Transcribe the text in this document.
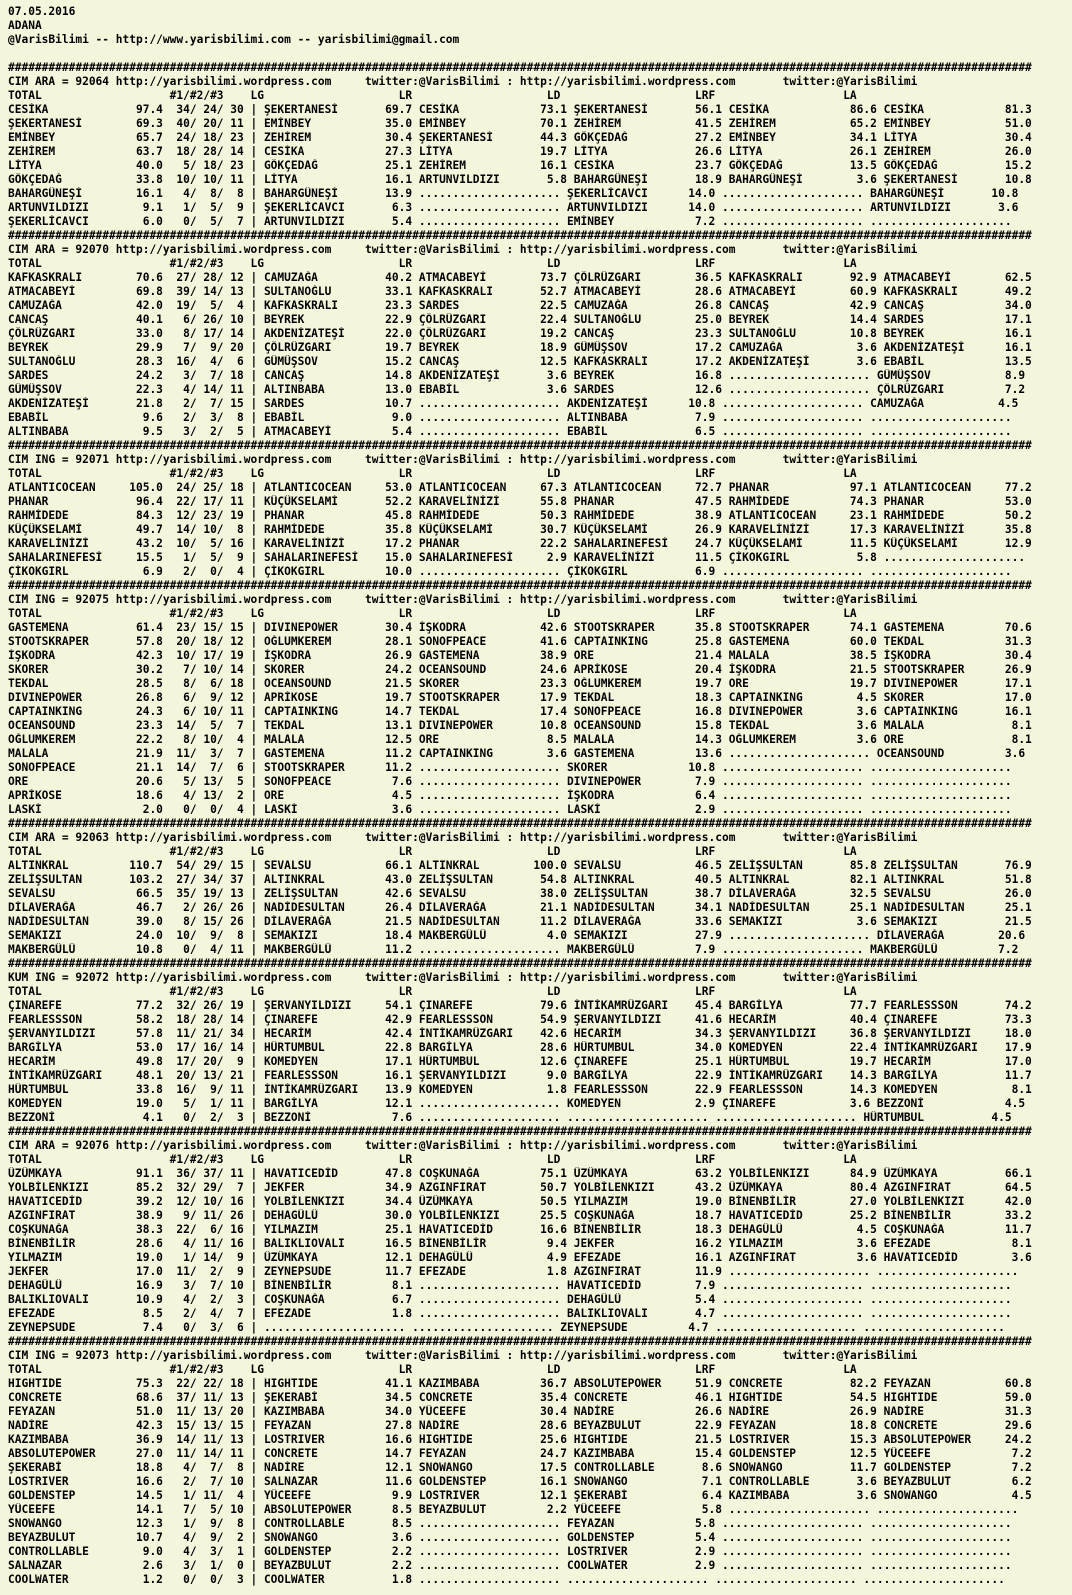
07.05.2016
ADANA
@VarisBilimi -- http://www.yarisbilimi.com -- yarisbilimi@gmail.com
########################################################################################################################################################
CIM ARA = 92064 http://yarisbilimi.wordpress.com     twitter:@VarisBilimi : http://yarisbilimi.wordpress.com       twitter:@YarisBilimi
TOTAL                   #1/#2/#3    LG                    LR                    LD                    LRF                   LA
CESİKA             97.4  34/ 24/ 30 | ŞEKERTANESİ       69.7 CESİKA            73.1 ŞEKERTANESİ       56.1 CESİKA            86.6 CESİKA            81.3
ŞEKERTANESİ        69.3  40/ 20/ 11 | EMİNBEY           35.0 EMİNBEY           70.1 ZEHİREM           41.5 ZEHİREM           65.2 EMİNBEY           51.0
EMİNBEY            65.7  24/ 18/ 23 | ZEHİREM           30.4 ŞEKERTANESİ       44.3 GÖKÇEDAĞ          27.2 EMİNBEY           34.1 LİTYA             30.4
ZEHİREM            63.7  18/ 28/ 14 | CESİKA            27.3 LİTYA             19.7 LİTYA             26.6 LİTYA             26.1 ZEHİREM           26.0
LİTYA              40.0   5/ 18/ 23 | GÖKÇEDAĞ          25.1 ZEHİREM           16.1 CESİKA            23.7 GÖKÇEDAĞ          13.5 GÖKÇEDAĞ          15.2
GÖKÇEDAĞ           33.8  10/ 10/ 11 | LİTYA             16.1 ARTUNVILDIZI       5.8 BAHARGÜNEŞİ       18.9 BAHARGÜNEŞİ        3.6 ŞEKERTANESİ       10.8
BAHARGÜNEŞİ        16.1   4/  8/  8 | BAHARGÜNEŞİ       13.9 ..................... ŞEKERLİCAVCI      14.0 ..................... BAHARGÜNEŞİ       10.8
ARTUNVILDIZI        9.1   1/  5/  9 | ŞEKERLİCAVCI       6.3 ..................... ARTUNVILDIZI      14.0 ..................... ARTUNVILDIZI       3.6
ŞEKERLİCAVCI        6.0   0/  5/  7 | ARTUNVILDIZI       5.4 ..................... EMİNBEY            7.2 ..................... .....................
########################################################################################################################################################
CIM ARA = 92070 http://yarisbilimi.wordpress.com     twitter:@VarisBilimi : http://yarisbilimi.wordpress.com       twitter:@YarisBilimi
TOTAL                   #1/#2/#3    LG                    LR                    LD                    LRF                   LA
KAFKASKRALI        70.6  27/ 28/ 12 | CAMUZAĞA          40.2 ATMACABEYİ        73.7 ÇÖLRÜZGARI        36.5 KAFKASKRALI       92.9 ATMACABEYİ        62.5
ATMACABEYİ         69.8  39/ 14/ 13 | SULTANOĞLU        33.1 KAFKASKRALI       52.7 ATMACABEYİ        28.6 ATMACABEYİ        60.9 KAFKASKRALI       49.2
CAMUZAĞA           42.0  19/  5/  4 | KAFKASKRALI       23.3 SARDES            22.5 CAMUZAĞA          26.8 CANCAŞ            42.9 CANCAŞ            34.0
CANCAŞ             40.1   6/ 26/ 10 | BEYREK            22.9 ÇÖLRÜZGARI        22.4 SULTANOĞLU        25.0 BEYREK            14.4 SARDES            17.1
ÇÖLRÜZGARI         33.0   8/ 17/ 14 | AKDENİZATEŞİ      22.0 ÇÖLRÜZGARI        19.2 CANCAŞ            23.3 SULTANOĞLU        10.8 BEYREK            16.1
BEYREK             29.9   7/  9/ 20 | ÇÖLRÜZGARI        19.7 BEYREK            18.9 GÜMÜŞSOV          17.2 CAMUZAĞA           3.6 AKDENİZATEŞİ      16.1
SULTANOĞLU         28.3  16/  4/  6 | GÜMÜŞSOV          15.2 CANCAŞ            12.5 KAFKASKRALI       17.2 AKDENİZATEŞİ       3.6 EBABİL            13.5
SARDES             24.2   3/  7/ 18 | CANCAŞ            14.8 AKDENİZATEŞİ       3.6 BEYREK            16.8 ..................... GÜMÜŞSOV           8.9
GÜMÜŞSOV           22.3   4/ 14/ 11 | ALTINBABA         13.0 EBABİL             3.6 SARDES            12.6 ..................... ÇÖLRÜZGARI         7.2
AKDENİZATEŞİ       21.8   2/  7/ 15 | SARDES            10.7 ..................... AKDENİZATEŞİ      10.8 ..................... CAMUZAĞA           4.5
EBABİL              9.6   2/  3/  8 | EBABİL             9.0 ..................... ALTINBABA          7.9 ..................... .....................
ALTINBABA           9.5   3/  2/  5 | ATMACABEYİ         5.4 ..................... EBABİL             6.5 ..................... .....................
########################################################################################################################################################
CIM ING = 92071 http://yarisbilimi.wordpress.com     twitter:@VarisBilimi : http://yarisbilimi.wordpress.com       twitter:@YarisBilimi
TOTAL                   #1/#2/#3    LG                    LR                    LD                    LRF                   LA
ATLANTICOCEAN     105.0  24/ 25/ 18 | ATLANTICOCEAN     53.0 ATLANTICOCEAN     67.3 ATLANTICOCEAN     72.7 PHANAR            97.1 ATLANTICOCEAN     77.2
PHANAR             96.4  22/ 17/ 11 | KÜÇÜKSELAMİ       52.2 KARAVELİNİZİ      55.8 PHANAR            47.5 RAHMİDEDE         74.3 PHANAR            53.0
RAHMİDEDE          84.3  12/ 23/ 19 | PHANAR            45.8 RAHMİDEDE         50.3 RAHMİDEDE         38.9 ATLANTICOCEAN     23.1 RAHMİDEDE         50.2
KÜÇÜKSELAMİ        49.7  14/ 10/  8 | RAHMİDEDE         35.8 KÜÇÜKSELAMİ       30.7 KÜÇÜKSELAMİ       26.9 KARAVELİNİZİ      17.3 KARAVELİNİZİ      35.8
KARAVELİNİZİ       43.2  10/  5/ 16 | KARAVELİNİZİ      17.2 PHANAR            22.2 SAHALARINEFESİ    24.7 KÜÇÜKSELAMİ       11.5 KÜÇÜKSELAMİ       12.9
SAHALARINEFESİ     15.5   1/  5/  9 | SAHALARINEFESİ    15.0 SAHALARINEFESİ     2.9 KARAVELİNİZİ      11.5 ÇİKOKGIRL          5.8 .....................
ÇİKOKGIRL           6.9   2/  0/  4 | ÇİKOKGIRL         10.0 ..................... ÇİKOKGIRL          6.9 ..................... .....................
########################################################################################################################################################
CIM ING = 92075 http://yarisbilimi.wordpress.com     twitter:@VarisBilimi : http://yarisbilimi.wordpress.com       twitter:@YarisBilimi
TOTAL                   #1/#2/#3    LG                    LR                    LD                    LRF                   LA
GASTEMENA          61.4  23/ 15/ 15 | DIVINEPOWER       30.4 İŞKODRA           42.6 STOOTSKRAPER      35.8 STOOTSKRAPER      74.1 GASTEMENA         70.6
STOOTSKRAPER       57.8  20/ 18/ 12 | OĞLUMKEREM        28.1 SONOFPEACE        41.6 CAPTAINKING       25.8 GASTEMENA         60.0 TEKDAL            31.3
İŞKODRA            42.3  10/ 17/ 19 | İŞKODRA           26.9 GASTEMENA         38.9 ORE               21.4 MALALA            38.5 İŞKODRA           30.4
SKORER             30.2   7/ 10/ 14 | SKORER            24.2 OCEANSOUND        24.6 APRİKOSE          20.4 İŞKODRA           21.5 STOOTSKRAPER      26.9
TEKDAL             28.5   8/  6/ 18 | OCEANSOUND        21.5 SKORER            23.3 OĞLUMKEREM        19.7 ORE               19.7 DIVINEPOWER       17.1
DIVINEPOWER        26.8   6/  9/ 12 | APRİKOSE          19.7 STOOTSKRAPER      17.9 TEKDAL            18.3 CAPTAINKING        4.5 SKORER            17.0
CAPTAINKING        24.3   6/ 10/ 11 | CAPTAINKING       14.7 TEKDAL            17.4 SONOFPEACE        16.8 DIVINEPOWER        3.6 CAPTAINKING       16.1
OCEANSOUND         23.3  14/  5/  7 | TEKDAL            13.1 DIVINEPOWER       10.8 OCEANSOUND        15.8 TEKDAL             3.6 MALALA             8.1
OĞLUMKEREM         22.2   8/ 10/  4 | MALALA            12.5 ORE                8.5 MALALA            14.3 OĞLUMKEREM         3.6 ORE                8.1
MALALA             21.9  11/  3/  7 | GASTEMENA         11.2 CAPTAINKING        3.6 GASTEMENA         13.6 ..................... OCEANSOUND         3.6
SONOFPEACE         21.1  14/  7/  6 | STOOTSKRAPER      11.2 ..................... SKORER            10.8 ..................... .....................
ORE                20.6   5/ 13/  5 | SONOFPEACE         7.6 ..................... DIVINEPOWER        7.9 ..................... .....................
APRİKOSE           18.6   4/ 13/  2 | ORE                4.5 ..................... İŞKODRA            6.4 ..................... .....................
LASKİ               2.0   0/  0/  4 | LASKİ              3.6 ..................... LASKİ              2.9 ..................... .....................
########################################################################################################################################################
CIM ARA = 92063 http://yarisbilimi.wordpress.com     twitter:@VarisBilimi : http://yarisbilimi.wordpress.com       twitter:@YarisBilimi
TOTAL                   #1/#2/#3    LG                    LR                    LD                    LRF                   LA
ALTINKRAL         110.7  54/ 29/ 15 | SEVALSU           66.1 ALTINKRAL        100.0 SEVALSU           46.5 ZELİŞSULTAN       85.8 ZELİŞSULTAN       76.9
ZELİŞSULTAN       103.2  27/ 34/ 37 | ALTINKRAL         43.0 ZELİŞSULTAN       54.8 ALTINKRAL         40.5 ALTINKRAL         82.1 ALTINKRAL         51.8
SEVALSU            66.5  35/ 19/ 13 | ZELİŞSULTAN       42.6 SEVALSU           38.0 ZELİŞSULTAN       38.7 DİLAVERAĞA        32.5 SEVALSU           26.0
DİLAVERAĞA         46.7   2/ 26/ 26 | NADİDESULTAN      26.4 DİLAVERAĞA        21.1 NADİDESULTAN      34.1 NADİDESULTAN      25.1 NADİDESULTAN      25.1
NADİDESULTAN       39.0   8/ 15/ 26 | DİLAVERAĞA        21.5 NADİDESULTAN      11.2 DİLAVERAĞA        33.6 SEMAKIZI           3.6 SEMAKIZI          21.5
SEMAKIZI           24.0  10/  9/  8 | SEMAKIZI          18.4 MAKBERGÜLÜ         4.0 SEMAKIZI          27.9 ..................... DİLAVERAĞA        20.6
MAKBERGÜLÜ         10.8   0/  4/ 11 | MAKBERGÜLÜ        11.2 ..................... MAKBERGÜLÜ         7.9 ..................... MAKBERGÜLÜ         7.2
########################################################################################################################################################
KUM ING = 92072 http://yarisbilimi.wordpress.com     twitter:@VarisBilimi : http://yarisbilimi.wordpress.com       twitter:@YarisBilimi
TOTAL                   #1/#2/#3    LG                    LR                    LD                    LRF                   LA
ÇINAREFE           77.2  32/ 26/ 19 | ŞERVANYILDIZI     54.1 ÇINAREFE          79.6 İNTİKAMRÜZGARI    45.4 BARGİLYA          77.7 FEARLESSSON       74.2
FEARLESSSON        58.2  18/ 28/ 14 | ÇINAREFE          42.9 FEARLESSSON       54.9 ŞERVANYILDIZI     41.6 HECARİM           40.4 ÇINAREFE          73.3
ŞERVANYILDIZI      57.8  11/ 21/ 34 | HECARİM           42.4 İNTİKAMRÜZGARI    42.6 HECARİM           34.3 ŞERVANYILDIZI     36.8 ŞERVANYILDIZI     18.0
BARGİLYA           53.0  17/ 16/ 14 | HÜRTUMBUL         22.8 BARGİLYA          28.6 HÜRTUMBUL         34.0 KOMEDYEN          22.4 İNTİKAMRÜZGARI    17.9
HECARİM            49.8  17/ 20/  9 | KOMEDYEN          17.1 HÜRTUMBUL         12.6 ÇINAREFE          25.1 HÜRTUMBUL         19.7 HECARİM           17.0
İNTİKAMRÜZGARI     48.1  20/ 13/ 21 | FEARLESSSON       16.1 ŞERVANYILDIZI      9.0 BARGİLYA          22.9 İNTİKAMRÜZGARI    14.3 BARGİLYA          11.7
HÜRTUMBUL          33.8  16/  9/ 11 | İNTİKAMRÜZGARI    13.9 KOMEDYEN           1.8 FEARLESSSON       22.9 FEARLESSSON       14.3 KOMEDYEN           8.1
KOMEDYEN           19.0   5/  1/ 11 | BARGİLYA          12.1 ..................... KOMEDYEN           2.9 ÇINAREFE           3.6 BEZZONİ            4.5
BEZZONİ             4.1   0/  2/  3 | BEZZONİ            7.6 ..................... ..................... ..................... HÜRTUMBUL          4.5
########################################################################################################################################################
CIM ARA = 92076 http://yarisbilimi.wordpress.com     twitter:@VarisBilimi : http://yarisbilimi.wordpress.com       twitter:@YarisBilimi
TOTAL                   #1/#2/#3    LG                    LR                    LD                    LRF                   LA
ÜZÜMKAYA           91.1  36/ 37/ 11 | HAVATICEDİD       47.8 COŞKUNAĞA         75.1 ÜZÜMKAYA          63.2 YOLBİLENKIZI      84.9 ÜZÜMKAYA          66.1
YOLBİLENKIZI       85.2  32/ 29/  7 | JEKFER            34.9 AZGINFIRAT        50.7 YOLBİLENKIZI      43.2 ÜZÜMKAYA          80.4 AZGINFIRAT        64.5
HAVATICEDİD        39.2  12/ 10/ 16 | YOLBİLENKIZI      34.4 ÜZÜMKAYA          50.5 YILMAZIM          19.0 BİNENBİLİR        27.0 YOLBİLENKIZI      42.0
AZGINFIRAT         38.9   9/ 11/ 26 | DEHAGÜLÜ          30.0 YOLBİLENKIZI      25.5 COŞKUNAĞA         18.7 HAVATICEDİD       25.2 BİNENBİLİR        33.2
COŞKUNAĞA          38.3  22/  6/ 16 | YILMAZIM          25.1 HAVATICEDİD       16.6 BİNENBİLİR        18.3 DEHAGÜLÜ           4.5 COŞKUNAĞA         11.7
BİNENBİLİR         28.6   4/ 11/ 16 | BALIKLIOVALI      16.5 BİNENBİLİR         9.4 JEKFER            16.2 YILMAZIM           3.6 EFEZADE            8.1
YILMAZIM           19.0   1/ 14/  9 | ÜZÜMKAYA          12.1 DEHAGÜLÜ           4.9 EFEZADE           16.1 AZGINFIRAT         3.6 HAVATICEDİD        3.6
JEKFER             17.0  11/  2/  9 | ZEYNEPSUDE        11.7 EFEZADE            1.8 AZGINFIRAT        11.9 ..................... .....................
DEHAGÜLÜ           16.9   3/  7/ 10 | BİNENBİLİR         8.1 ..................... HAVATICEDİD        7.9 ..................... .....................
BALIKLIOVALI       10.9   4/  2/  3 | COŞKUNAĞA          6.7 ..................... DEHAGÜLÜ           5.4 ..................... .....................
EFEZADE             8.5   2/  4/  7 | EFEZADE            1.8 ..................... BALIKLIOVALI       4.7 ..................... .....................
ZEYNEPSUDE          7.4   0/  3/  6 | ..................... ..................... ZEYNEPSUDE         4.7 ..................... .....................
########################################################################################################################################################
CIM ING = 92073 http://yarisbilimi.wordpress.com     twitter:@VarisBilimi : http://yarisbilimi.wordpress.com       twitter:@YarisBilimi
TOTAL                   #1/#2/#3    LG                    LR                    LD                    LRF                   LA
HIGHTIDE           75.3  22/ 22/ 18 | HIGHTIDE          41.1 KAZIMBABA         36.7 ABSOLUTEPOWER     51.9 CONCRETE          82.2 FEYAZAN           60.8
CONCRETE           68.6  37/ 11/ 13 | ŞEKERABİ          34.5 CONCRETE          35.4 CONCRETE          46.1 HIGHTIDE          54.5 HIGHTIDE          59.0
FEYAZAN            51.0  11/ 13/ 20 | KAZIMBABA         34.0 YÜCEEFE           30.4 NADİRE            26.6 NADİRE            26.9 NADİRE            31.3
NADİRE             42.3  15/ 13/ 15 | FEYAZAN           27.8 NADİRE            28.6 BEYAZBULUT        22.9 FEYAZAN           18.8 CONCRETE          29.6
KAZIMBABA          36.9  14/ 11/ 13 | LOSTRIVER         16.6 HIGHTIDE          25.6 HIGHTIDE          21.5 LOSTRIVER         15.3 ABSOLUTEPOWER     24.2
ABSOLUTEPOWER      27.0  11/ 14/ 11 | CONCRETE          14.7 FEYAZAN           24.7 KAZIMBABA         15.4 GOLDENSTEP        12.5 YÜCEEFE            7.2
ŞEKERABİ           18.8   4/  7/  8 | NADİRE            12.1 SNOWANGO          17.5 CONTROLLABLE       8.6 SNOWANGO          11.7 GOLDENSTEP         7.2
LOSTRIVER          16.6   2/  7/ 10 | SALNAZAR          11.6 GOLDENSTEP        16.1 SNOWANGO           7.1 CONTROLLABLE       3.6 BEYAZBULUT         6.2
GOLDENSTEP         14.5   1/ 11/  4 | YÜCEEFE            9.9 LOSTRIVER         12.1 ŞEKERABİ           6.4 KAZIMBABA          3.6 SNOWANGO           4.5
YÜCEEFE            14.1   7/  5/ 10 | ABSOLUTEPOWER      8.5 BEYAZBULUT         2.2 YÜCEEFE            5.8 ..................... .....................
SNOWANGO           12.3   1/  9/  8 | CONTROLLABLE       8.5 ..................... FEYAZAN            5.8 ..................... .....................
BEYAZBULUT         10.7   4/  9/  2 | SNOWANGO           3.6 ..................... GOLDENSTEP         5.4 ..................... .....................
CONTROLLABLE        9.0   4/  3/  1 | GOLDENSTEP         2.2 ..................... LOSTRIVER          2.9 ..................... .....................
SALNAZAR            2.6   3/  1/  0 | BEYAZBULUT         2.2 ..................... COOLWATER          2.9 ..................... .....................
COOLWATER           1.2   0/  0/  3 | COOLWATER          1.8 ..................... ..................... ..................... .....................
